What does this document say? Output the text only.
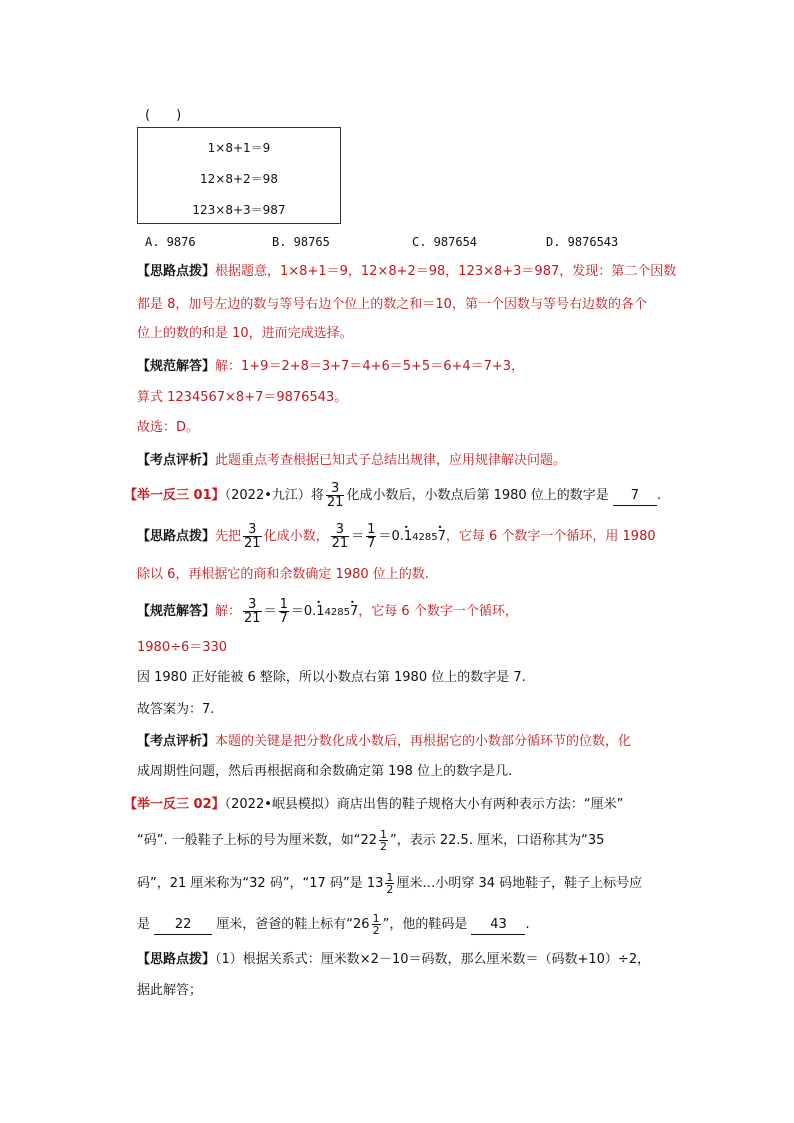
(　　)
1×8+1＝9
12×8+2＝98
123×8+3＝987
A. 9876	B. 98765	C. 987654	D. 9876543
【思路点拨】根据题意，1×8+1＝9，12×8+2＝98，123×8+3＝987，发现：第二个因数
都是 8，加号左边的数与等号右边个位上的数之和＝10，第一个因数与等号右边数的各个
位上的数的和是 10，进而完成选择。
【规范解答】解：1+9＝2+8＝3+7＝4+6＝5+5＝6+4＝7+3，
算式 1234567×8+7＝9876543。
故选：D。
【考点评析】此题重点考查根据已知式子总结出规律，应用规律解决问题。
【举一反三 01】（2022•九江）将 $\frac{3}{21}$ 化成小数后，小数点后第 1980 位上的数字是 7 .
【思路点拨】先把 $\frac{3}{21}$ 化成小数， $\frac{3}{21} = \frac{1}{7}$ ＝0.• 14285• 7，它每 6 个数字一个循环，用 1980
除以 6，再根据它的商和余数确定 1980 位上的数.
【规范解答】解： $\frac{3}{21} = \frac{1}{7}$ ＝0.• 14285• 7，它每 6 个数字一个循环，
1980÷6＝330
因 1980 正好能被 6 整除，所以小数点右第 1980 位上的数字是 7.
故答案为：7.
【考点评析】本题的关键是把分数化成小数后，再根据它的小数部分循环节的位数，化
成周期性问题，然后再根据商和余数确定第 198 位上的数字是几.
【举一反三 02】（2022•岷县模拟）商店出售的鞋子规格大小有两种表示方法：“厘米”
“码”. 一般鞋子上标的号为厘米数，如“$22 \frac{1}{2}$ ”，表示 22.5. 厘米，口语称其为“35
码”，21 厘米称为“32 码”，“17 码”是 $13 \frac{1}{2}$ 厘米…小明穿 34 码地鞋子，鞋子上标号应
是 22 厘米，爸爸的鞋上标有“$26 \frac{1}{2}$ ”，他的鞋码是 43 .
【思路点拨】（1）根据关系式：厘米数×2－10＝码数，那么厘米数＝（码数+10）÷2，
据此解答；
